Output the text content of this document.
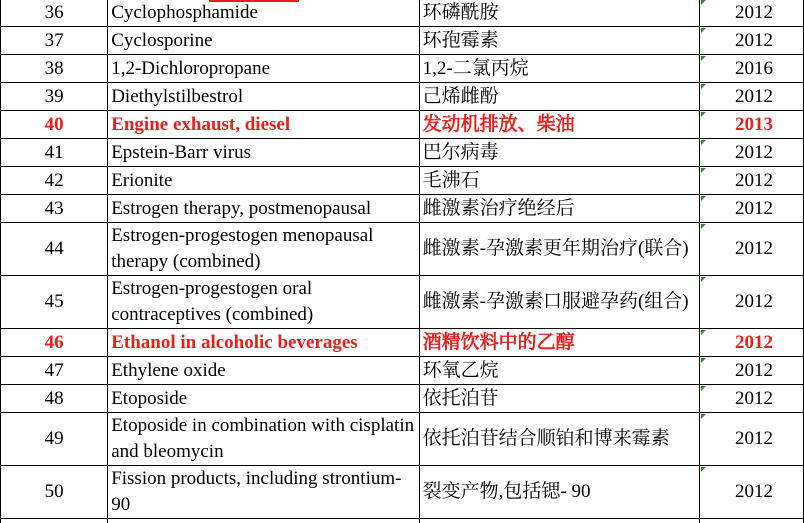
36	Cyclophosphamide	环磷酰胺	2012

37	Cyclosporine	环孢霉素	2012

38	1,2-Dichloropropane	1,2-二氯丙烷	2016

39	Diethylstilbestrol	己烯雌酚	2012

40	Engine exhaust, diesel	发动机排放、柴油	2013

41	Epstein-Barr virus	巴尔病毒	2012

42	Erionite	毛沸石	2012

43	Estrogen therapy, postmenopausal	雌激素治疗绝经后	2012

44	Estrogen-progestogen menopausal therapy (combined)	雌激素-孕激素更年期治疗(联合)	2012

45	Estrogen-progestogen oral contraceptives (combined)	雌激素-孕激素口服避孕药(组合)	2012

46	Ethanol in alcoholic beverages	酒精饮料中的乙醇	2012

47	Ethylene oxide	环氧乙烷	2012

48	Etoposide	依托泊苷	2012

49	Etoposide in combination with cisplatin and bleomycin	依托泊苷结合顺铂和博来霉素	2012

50	Fission products, including strontium-90	裂变产物,包括锶- 90	2012
